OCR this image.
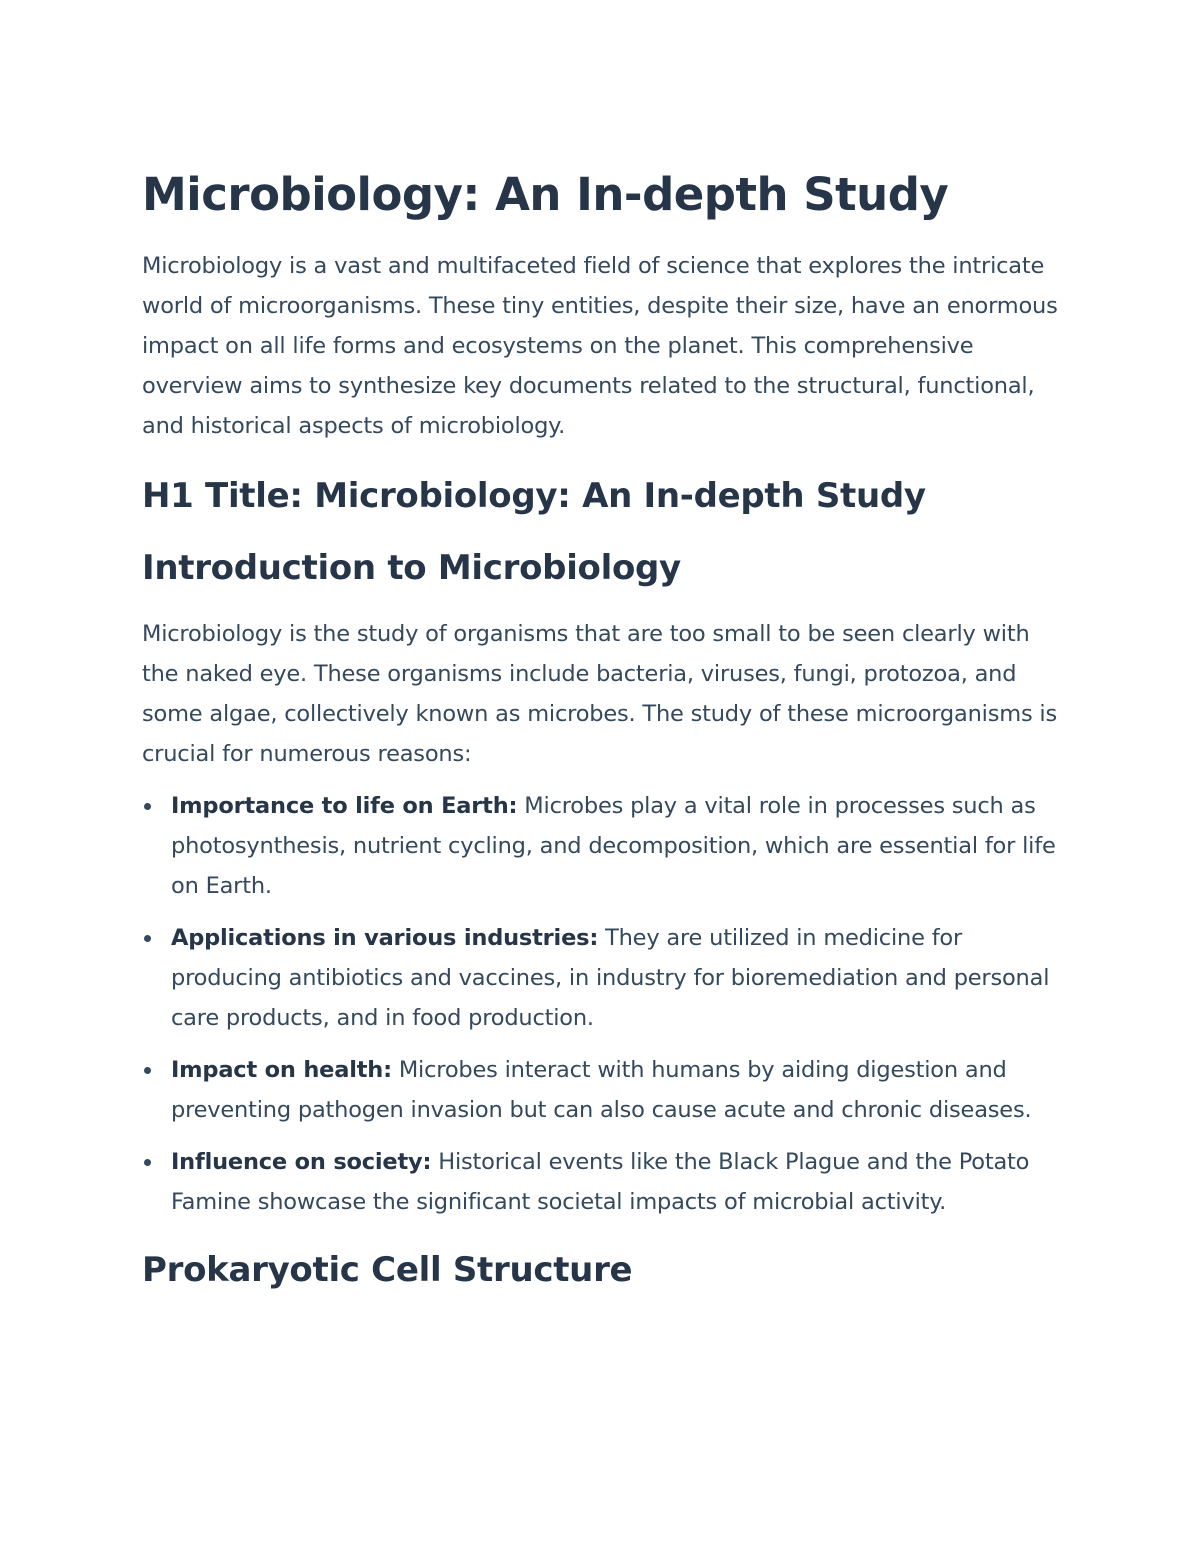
Microbiology: An In-depth Study

Microbiology is a vast and multifaceted field of science that explores the intricate world of microorganisms. These tiny entities, despite their size, have an enormous impact on all life forms and ecosystems on the planet. This comprehensive overview aims to synthesize key documents related to the structural, functional, and historical aspects of microbiology.

H1 Title: Microbiology: An In-depth Study
Introduction to Microbiology

Microbiology is the study of organisms that are too small to be seen clearly with the naked eye. These organisms include bacteria, viruses, fungi, protozoa, and some algae, collectively known as microbes. The study of these microorganisms is crucial for numerous reasons:

Importance to life on Earth: Microbes play a vital role in processes such as photosynthesis, nutrient cycling, and decomposition, which are essential for life on Earth.
Applications in various industries: They are utilized in medicine for producing antibiotics and vaccines, in industry for bioremediation and personal care products, and in food production.
Impact on health: Microbes interact with humans by aiding digestion and preventing pathogen invasion but can also cause acute and chronic diseases.
Influence on society: Historical events like the Black Plague and the Potato Famine showcase the significant societal impacts of microbial activity.
Prokaryotic Cell Structure
